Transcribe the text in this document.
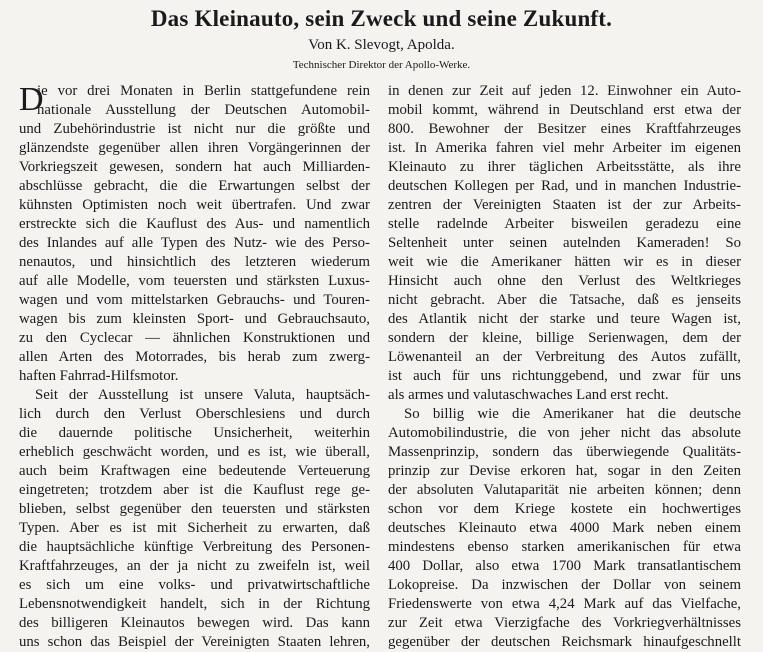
Das Kleinauto, sein Zweck und seine Zukunft.
Von K. Slevogt, Apolda.
Technischer Direktor der Apollo-Werke.
D
ie vor drei Monaten in Berlin stattgefundene rein
nationale Ausstellung der Deutschen Automobil-
und Zubehörindustrie ist nicht nur die größte und
glänzendste gegenüber allen ihren Vorgängerinnen der
Vorkriegszeit gewesen, sondern hat auch Milliarden-
abschlüsse gebracht, die die Erwartungen selbst der
kühnsten Optimisten noch weit übertrafen. Und zwar
erstreckte sich die Kauflust des Aus- und namentlich
des Inlandes auf alle Typen des Nutz- wie des Perso-
nenautos, und hinsichtlich des letzteren wiederum
auf alle Modelle, vom teuersten und stärksten Luxus-
wagen und vom mittelstarken Gebrauchs- und Touren-
wagen bis zum kleinsten Sport- und Gebrauchsauto,
zu den Cyclecar — ähnlichen Konstruktionen und
allen Arten des Motorrades, bis herab zum zwerg-
haften Fahrrad-Hilfsmotor.
Seit der Ausstellung ist unsere Valuta, hauptsäch-
lich durch den Verlust Oberschlesiens und durch
die dauernde politische Unsicherheit, weiterhin
erheblich geschwächt worden, und es ist, wie überall,
auch beim Kraftwagen eine bedeutende Verteuerung
eingetreten; trotzdem aber ist die Kauflust rege ge-
blieben, selbst gegenüber den teuersten und stärksten
Typen. Aber es ist mit Sicherheit zu erwarten, daß
die hauptsächliche künftige Verbreitung des Personen-
Kraftfahrzeuges, an der ja nicht zu zweifeln ist, weil
es sich um eine volks- und privatwirtschaftliche
Lebensnotwendigkeit handelt, sich in der Richtung
des billigeren Kleinautos bewegen wird. Das kann
uns schon das Beispiel der Vereinigten Staaten lehren,
in denen zur Zeit auf jeden 12. Einwohner ein Auto-
mobil kommt, während in Deutschland erst etwa der
800. Bewohner der Besitzer eines Kraftfahrzeuges
ist. In Amerika fahren viel mehr Arbeiter im eigenen
Kleinauto zu ihrer täglichen Arbeitsstätte, als ihre
deutschen Kollegen per Rad, und in manchen Industrie-
zentren der Vereinigten Staaten ist der zur Arbeits-
stelle radelnde Arbeiter bisweilen geradezu eine
Seltenheit unter seinen autelnden Kameraden! So
weit wie die Amerikaner hätten wir es in dieser
Hinsicht auch ohne den Verlust des Weltkrieges
nicht gebracht. Aber die Tatsache, daß es jenseits
des Atlantik nicht der starke und teure Wagen ist,
sondern der kleine, billige Serienwagen, dem der
Löwenanteil an der Verbreitung des Autos zufällt,
ist auch für uns richtunggebend, und zwar für uns
als armes und valutaschwaches Land erst recht.
So billig wie die Amerikaner hat die deutsche
Automobilindustrie, die von jeher nicht das absolute
Massenprinzip, sondern das überwiegende Qualitäts-
prinzip zur Devise erkoren hat, sogar in den Zeiten
der absoluten Valutaparität nie arbeiten können; denn
schon vor dem Kriege kostete ein hochwertiges
deutsches Kleinauto etwa 4000 Mark neben einem
mindestens ebenso starken amerikanischen für etwa
400 Dollar, also etwa 1700 Mark transatlantischem
Lokopreise. Da inzwischen der Dollar von seinem
Friedenswerte von etwa 4,24 Mark auf das Vielfache,
zur Zeit etwa Vierzigfache des Vorkriegverhältnisses
gegenüber der deutschen Reichsmark hinaufgeschnellt
